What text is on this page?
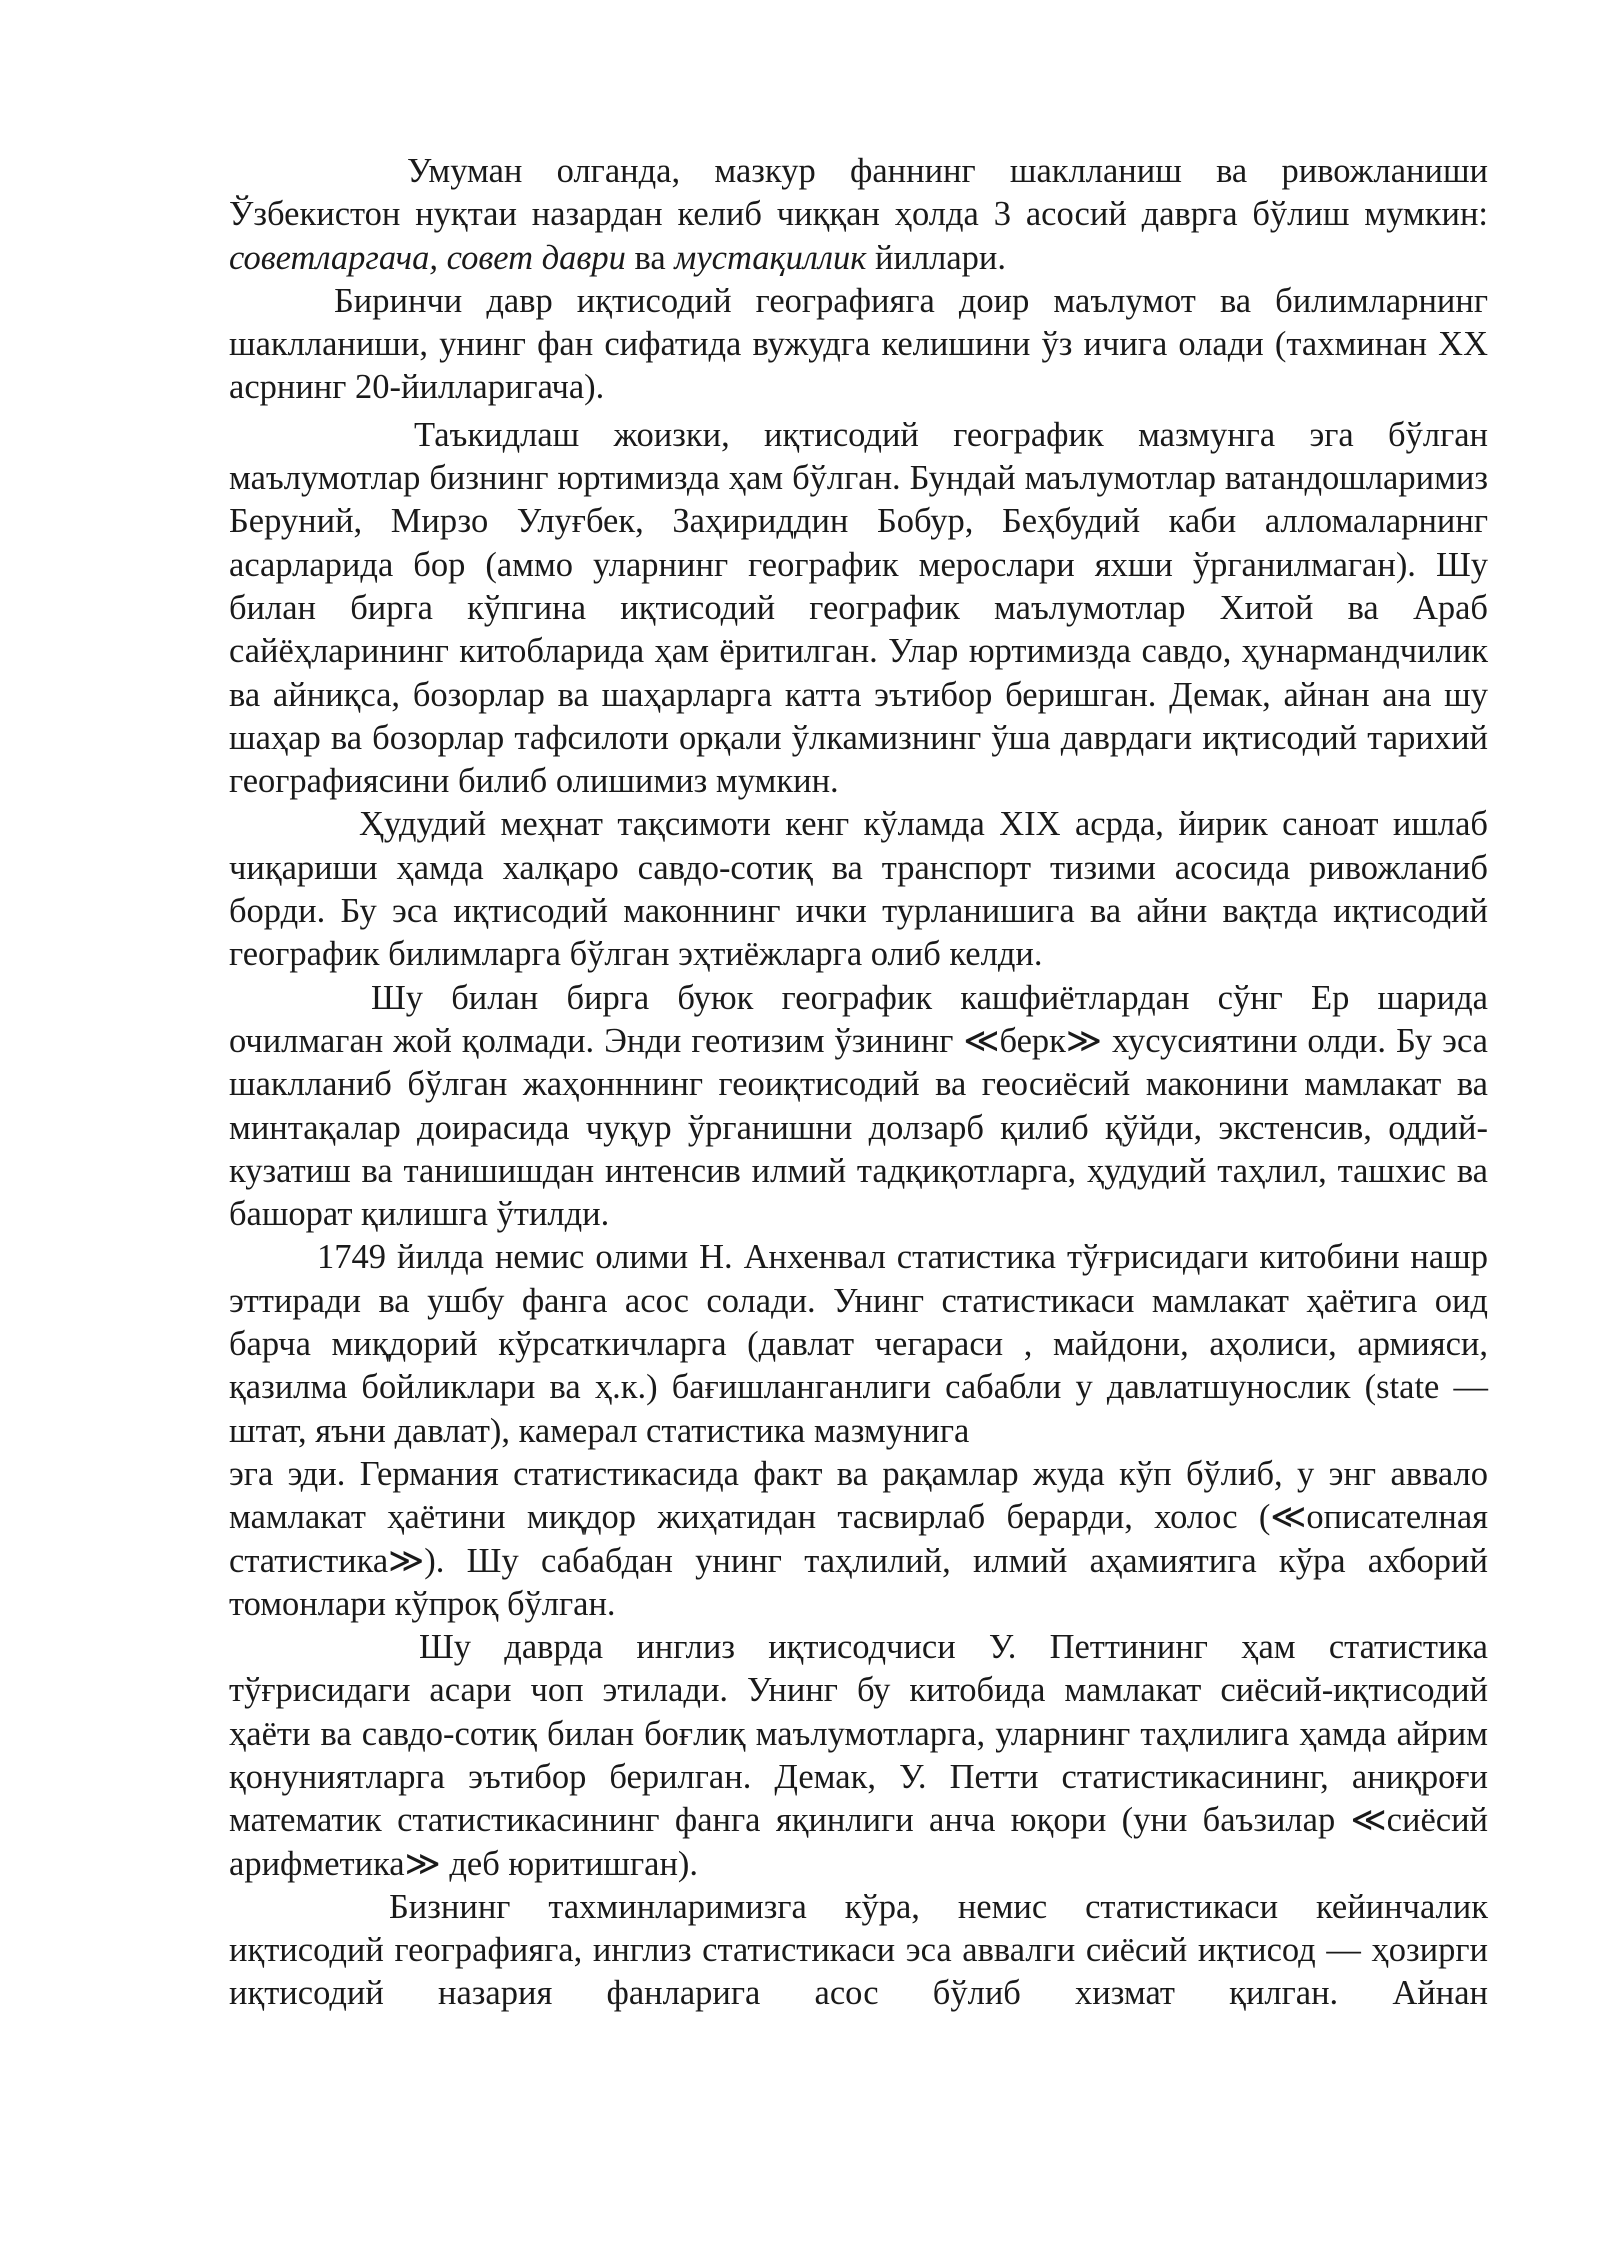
Умуман олганда, мазкур фаннинг шаклланиш ва ривожланиши Ўзбекистон нуқтаи назардан келиб чиққан ҳолда 3 асосий даврга бўлиш мумкин: советларгача, совет даври ва мустақиллик йиллари.

Биринчи давр иқтисодий географияга доир маълумот ва билимларнинг шаклланиши, унинг фан сифатида вужудга келишини ўз ичига олади (тахминан XX асрнинг 20-йилларигача).

Таъкидлаш жоизки, иқтисодий географик мазмунга эга бўлган маълумотлар бизнинг юртимизда ҳам бўлган. Бундай маълумотлар ватандошларимиз Беруний, Мирзо Улуғбек, Заҳириддин Бобур, Беҳбудий каби алломаларнинг асарларида бор (аммо уларнинг географик мерослари яхши ўрганилмаган). Шу билан бирга кўпгина иқтисодий географик маълумотлар Хитой ва Араб сайёҳларининг китобларида ҳам ёритилган. Улар юртимизда савдо, ҳунармандчилик ва айниқса, бозорлар ва шаҳарларга катта эътибор беришган. Демак, айнан ана шу шаҳар ва бозорлар тафсилоти орқали ўлкамизнинг ўша даврдаги иқтисодий тарихий географиясини билиб олишимиз мумкин.

Ҳудудий меҳнат тақсимоти кенг кўламда XIX асрда, йирик саноат ишлаб чиқариши ҳамда халқаро савдо-сотиқ ва транспорт тизими асосида ривожланиб борди. Бу эса иқтисодий маконнинг ички турланишига ва айни вақтда иқтисодий географик билимларга бўлган эҳтиёжларга олиб келди.

Шу билан бирга буюк географик кашфиётлардан сўнг Ер шарида очилмаган жой қолмади. Энди геотизим ўзининг ≪берк≫ хусусиятини олди. Бу эса шаклланиб бўлган жаҳонннинг геоиқтисодий ва геосиёсий маконини мамлакат ва минтақалар доирасида чуқур ўрганишни долзарб қилиб қўйди, экстенсив, оддий-кузатиш ва танишишдан интенсив илмий тадқиқотларга, ҳудудий таҳлил, ташхис ва башорат қилишга ўтилди.

1749 йилда немис олими Н. Анхенвал статистика тўғрисидаги китобини нашр эттиради ва ушбу фанга асос солади. Унинг статистикаси мамлакат ҳаётига оид барча миқдорий кўрсаткичларга (давлат чегараси , майдони, аҳолиси, армияси, қазилма бойликлари ва ҳ.к.) бағишланганлиги сабабли у давлатшунослик (state — штат, яъни давлат), камерал статистика мазмунига

эга эди. Германия статистикасида факт ва рақамлар жуда кўп бўлиб, у энг аввало мамлакат ҳаётини миқдор жиҳатидан тасвирлаб берарди, холос (≪описателная статистика≫). Шу сабабдан унинг таҳлилий, илмий аҳамиятига кўра ахборий томонлари кўпроқ бўлган.

Шу даврда инглиз иқтисодчиси У. Петтининг ҳам статистика тўғрисидаги асари чоп этилади. Унинг бу китобида мамлакат сиёсий-иқтисодий ҳаёти ва савдо-сотиқ билан боғлиқ маълумотларга, уларнинг таҳлилига ҳамда айрим қонуниятларга эътибор берилган. Демак, У. Петти статистикасининг, аниқроғи математик статистикасининг фанга яқинлиги анча юқори (уни баъзилар ≪сиёсий арифметика≫ деб юритишган).

Бизнинг тахминларимизга кўра, немис статистикаси кейинчалик иқтисодий географияга, инглиз статистикаси эса аввалги сиёсий иқтисод — ҳозирги иқтисодий назария фанларига асос бўлиб хизмат қилган. Айнан
